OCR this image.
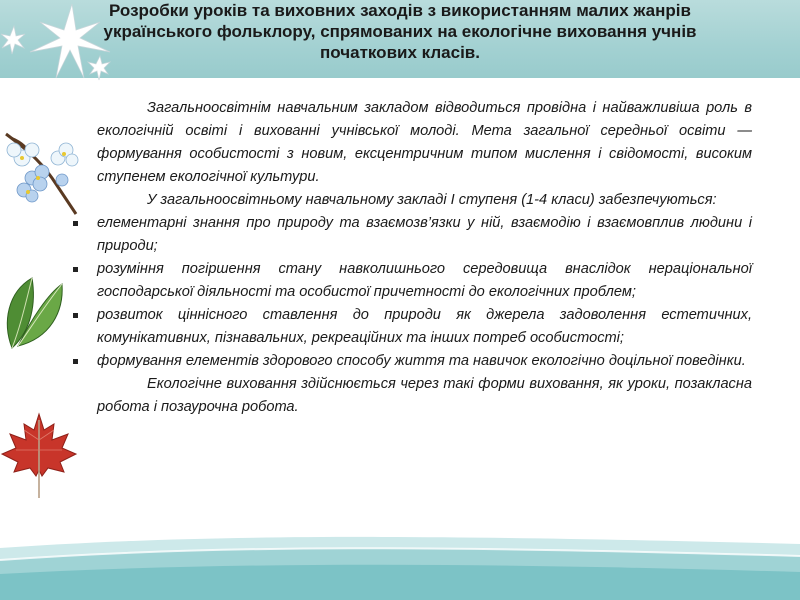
Розробки уроків та виховних заходів з використанням малих жанрів
українського фольклору, спрямованих на екологічне виховання учнів
початкових класів.

Загальноосвітнім навчальним закладом відводиться провідна і найважливіша роль в екологічній освіті і вихованні учнівської молоді. Мета загальної середньої освіти — формування особистості з новим, ексцентричним типом мислення і свідомості, високим ступенем екологічної культури.

У загальноосвітньому навчальному закладі І ступеня (1-4 класи) забезпечуються:

елементарні знання про природу та взаємозв’язки у ній, взаємодію і взаємовплив людини і природи;
розуміння погіршення стану навколишнього середовища внаслідок нераціональної господарської діяльності та особистої причетності до екологічних проблем;
розвиток ціннісного ставлення до природи як джерела задоволення естетичних, комунікативних, пізнавальних, рекреаційних та інших потреб особистості;
формування елементів здорового способу життя та навичок екологічно доцільної поведінки.

Екологічне виховання здійснюється через такі форми виховання, як уроки, позакласна робота і позаурочна робота.
